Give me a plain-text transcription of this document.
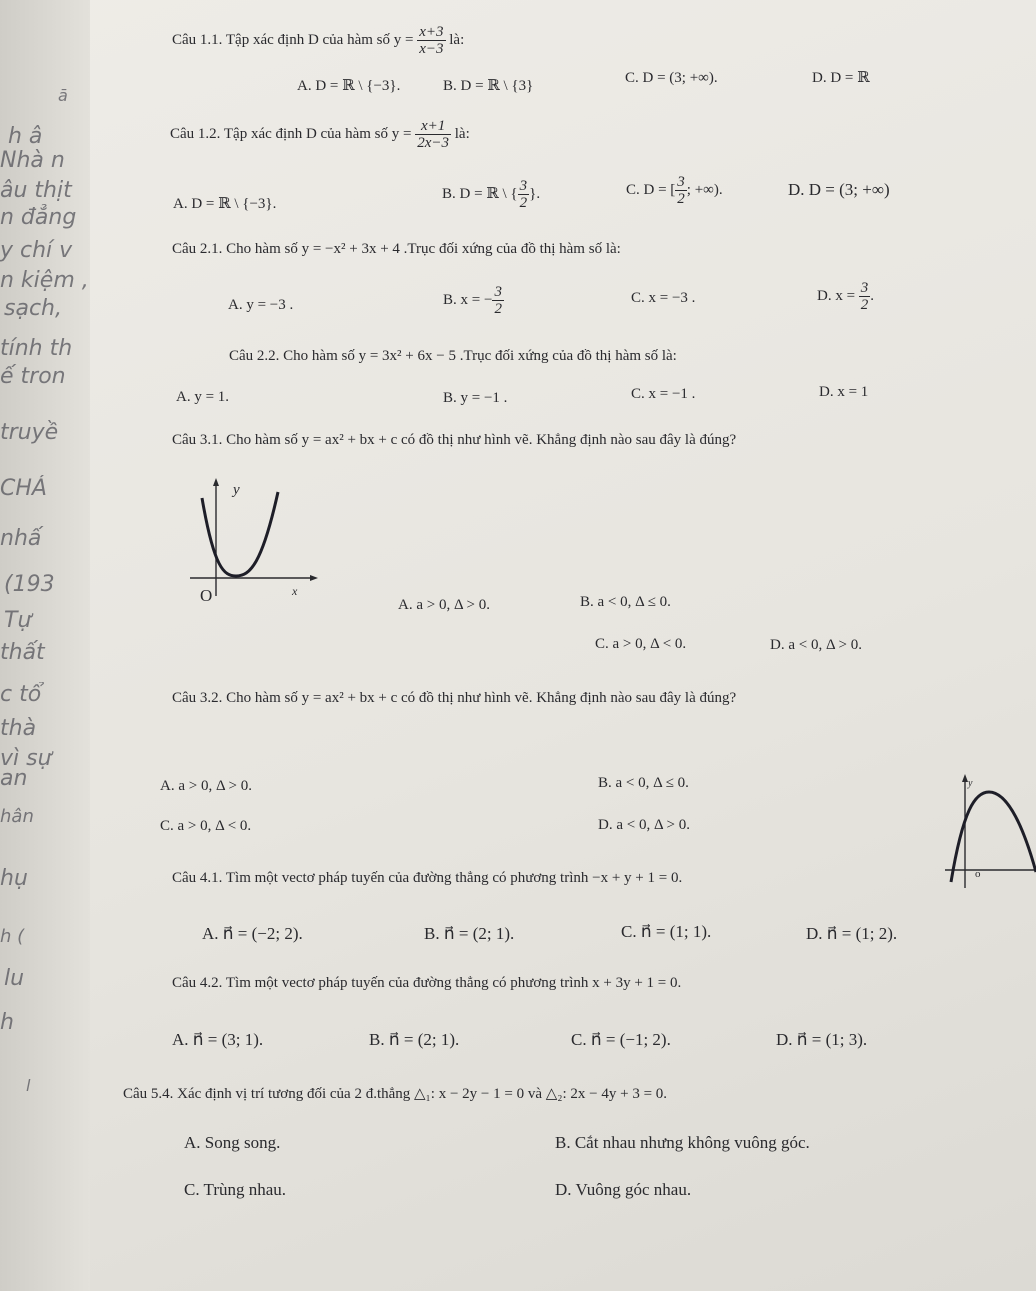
ā
h â
Nhà n
âu thịt
n đẳng
y chí v
n kiệm ,
sạch,
tính th
ế tron
truyề
CHÁ
nhấ
(193
Tự
thất
c tổ
thà
vì sự
an
hân
hụ
h (
lu
h
l
Câu 1.1. Tập xác định D của hàm số $y = \frac{x+3}{x-3}$ là:
A. D = ℝ \ {−3}.	B. D = ℝ \ {3}	C. D = (3; +∞).	D. D = ℝ
Câu 1.2. Tập xác định D của hàm số $y = \frac{x+1}{2x-3}$ là:
A. D = ℝ \ {−3}.
B. D = ℝ \ { $\frac{3}{2}$ }.	C. D = [ $\frac{3}{2}$ ; +∞).	D. D = (3; +∞)
Câu 2.1. Cho hàm số y = −x² + 3x + 4 .Trục đối xứng của đồ thị hàm số là:
A. y = −3 .	B. x = − $\frac{3}{2}$	C. x = −3 .	D. $x = \frac{3}{2}$ .
Câu 2.2. Cho hàm số y = 3x² + 6x − 5 .Trục đối xứng của đồ thị hàm số là:
A. y = 1.	B. y = −1 .	C. x = −1 .	D. x = 1
Câu 3.1. Cho hàm số y = ax² + bx + c có đồ thị như hình vẽ. Khẳng định nào sau đây là đúng?
y
O	x
A. a > 0, Δ > 0.	B. a < 0, Δ ≤ 0.
C. a > 0, Δ < 0.	D. a < 0, Δ > 0.
Câu 3.2. Cho hàm số y = ax² + bx + c có đồ thị như hình vẽ. Khẳng định nào sau đây là đúng?
A. a > 0, Δ > 0.	B. a < 0, Δ ≤ 0.
C. a > 0, Δ < 0.	D. a < 0, Δ > 0.
y
o
Câu 4.1. Tìm một vectơ pháp tuyến của đường thẳng có phương trình −x + y + 1 = 0.
A. n⃗ = (−2; 2).	B. n⃗ = (2; 1).	C. n⃗ = (1; 1).	D. n⃗ = (1; 2).
Câu 4.2. Tìm một vectơ pháp tuyến của đường thẳng có phương trình x + 3y + 1 = 0.
A. n⃗ = (3; 1).	B. n⃗ = (2; 1).	C. n⃗ = (−1; 2).	D. n⃗ = (1; 3).
Câu 5.4. Xác định vị trí tương đối của 2 đ.thẳng △₁: x − 2y − 1 = 0 và △₂: 2x − 4y + 3 = 0.
A. Song song.	B. Cắt nhau nhưng không vuông góc.
C. Trùng nhau.	D. Vuông góc nhau.
